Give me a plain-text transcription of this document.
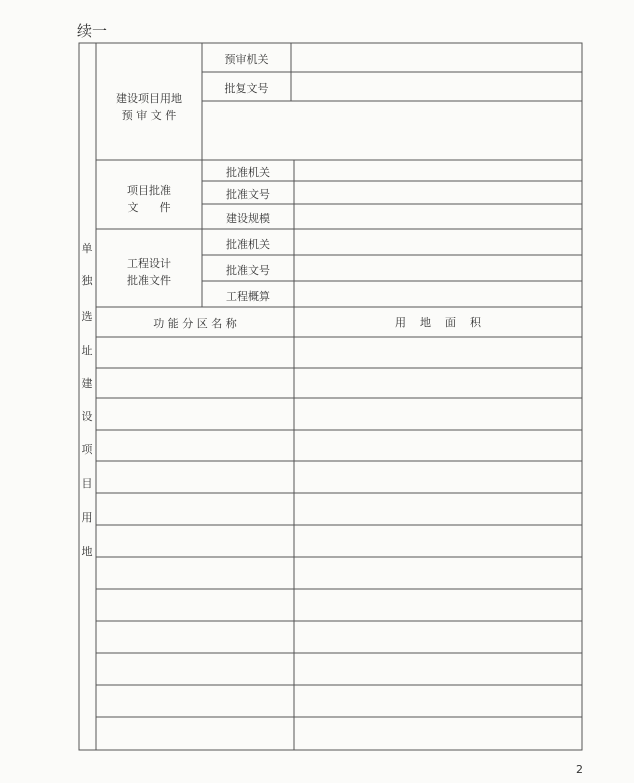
续一
单
独
选
址
建
设
项
目
用
地
建设项目用地
预 审 文 件
预审机关
批复文号
项目批准
文      件
批准机关
批准文号
建设规模
工程设计
批准文件
批准机关
批准文号
工程概算
功 能 分 区 名 称	用    地    面    积
2
